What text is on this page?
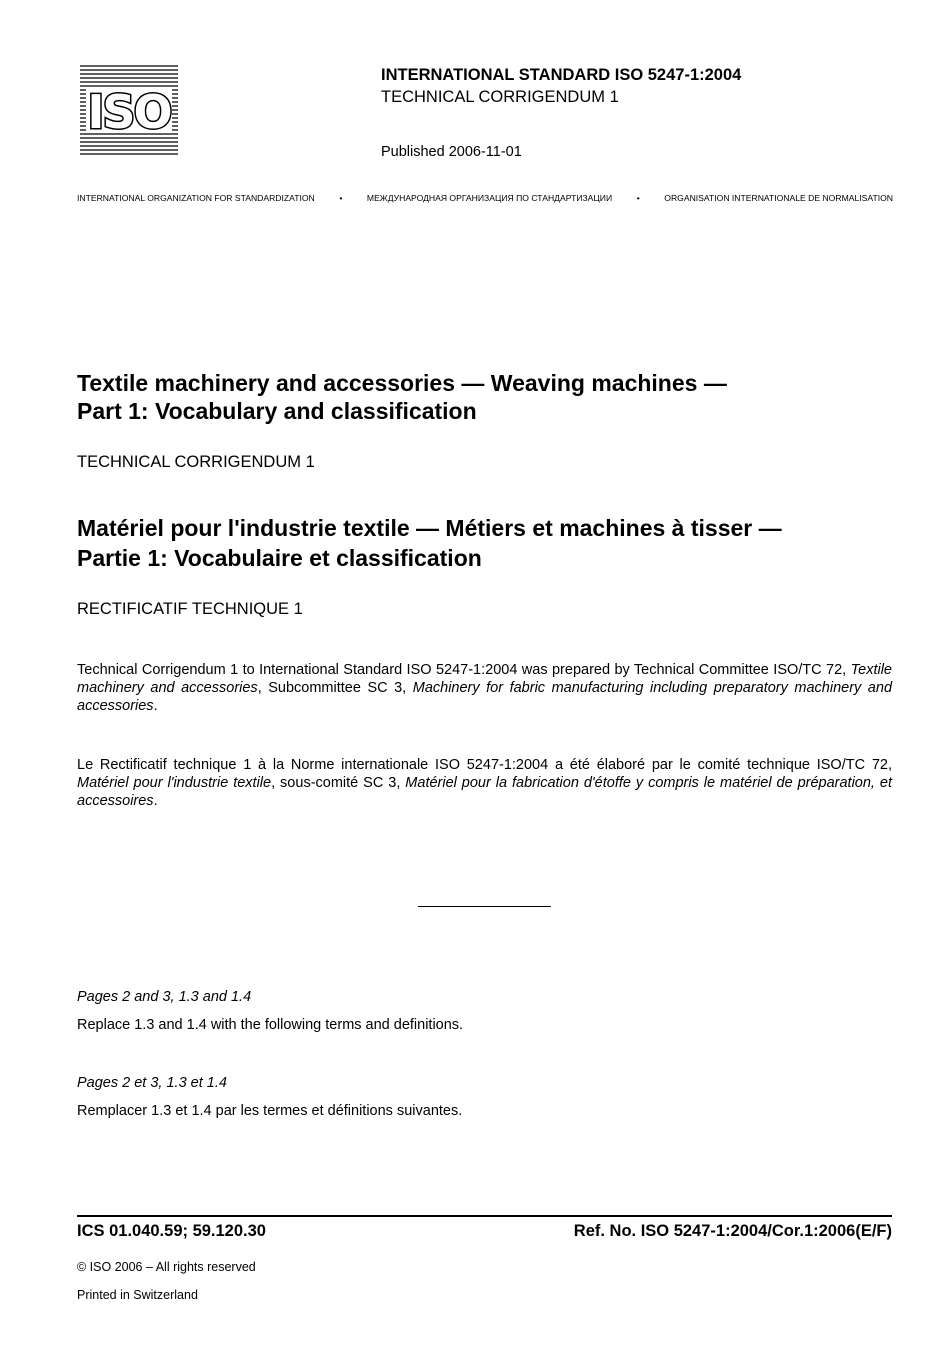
ISO
INTERNATIONAL STANDARD ISO 5247-1:2004
TECHNICAL CORRIGENDUM 1
Published 2006-11-01
INTERNATIONAL ORGANIZATION FOR STANDARDIZATION	•	МЕЖДУНАРОДНАЯ ОРГАНИЗАЦИЯ ПО СТАНДАРТИЗАЦИИ	•	ORGANISATION INTERNATIONALE DE NORMALISATION
Textile machinery and accessories — Weaving machines —
Part 1: Vocabulary and classification
TECHNICAL CORRIGENDUM 1
Matériel pour l'industrie textile — Métiers et machines à tisser —
Partie 1: Vocabulaire et classification
RECTIFICATIF TECHNIQUE 1
Technical Corrigendum 1 to International Standard ISO 5247-1:2004 was prepared by Technical Committee ISO/TC 72, Textile machinery and accessories, Subcommittee SC 3, Machinery for fabric manufacturing including preparatory machinery and accessories.
Le Rectificatif technique 1 à la Norme internationale ISO 5247-1:2004 a été élaboré par le comité technique ISO/TC 72, Matériel pour l'industrie textile, sous-comité SC 3, Matériel pour la fabrication d'étoffe y compris le matériel de préparation, et accessoires.
Pages 2 and 3, 1.3 and 1.4
Replace 1.3 and 1.4 with the following terms and definitions.
Pages 2 et 3, 1.3 et 1.4
Remplacer 1.3 et 1.4 par les termes et définitions suivantes.
ICS 01.040.59; 59.120.30	Ref. No. ISO 5247-1:2004/Cor.1:2006(E/F)
© ISO 2006 – All rights reserved
Printed in Switzerland
